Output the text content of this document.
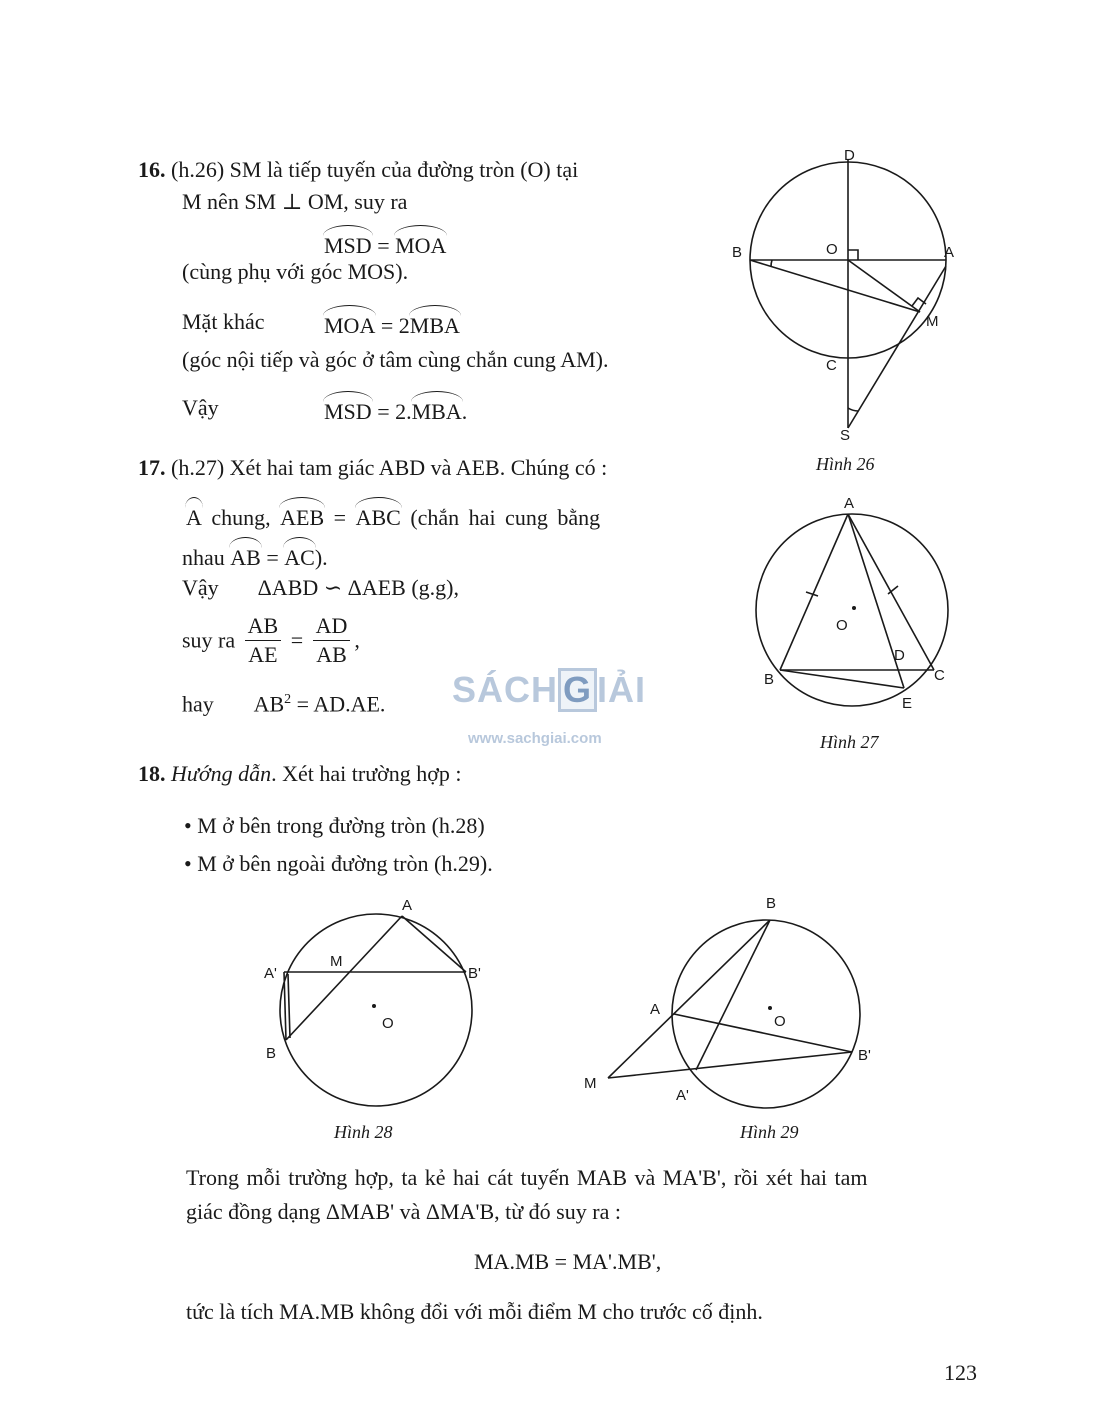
16. (h.26) SM là tiếp tuyến của đường tròn (O) tại
M nên SM ⊥ OM, suy ra
MSD = MOA
(cùng phụ với góc MOS).
Mặt khác	MOA = 2MBA
(góc nội tiếp và góc ở tâm cùng chắn cung AM).
Vậy	MSD = 2.MBA.
17. (h.27) Xét hai tam giác ABD và AEB. Chúng có :
A chung, AEB = ABC (chắn hai cung bằng
nhau AB = AC).
Vậy ΔABD ∽ ΔAEB (g.g),
suy ra $\frac{AB}{AE} = \frac{AD}{AB}$ ,
hay $AB^2 = AD.AE$. SÁCH G IẢI
www.sachgiai.com
18. Hướng dẫn. Xét hai trường hợp :
• M ở bên trong đường tròn (h.28)
• M ở bên ngoài đường tròn (h.29).
Trong mỗi trường hợp, ta kẻ hai cát tuyến MAB và MA'B', rồi xét hai tam
giác đồng dạng ΔMAB' và ΔMA'B, từ đó suy ra :
MA.MB = MA'.MB',
tức là tích MA.MB không đổi với mỗi điểm M cho trước cố định.
D
B	O	A
M
C
S
Hình 26
A
O
D
B	C
E
Hình 27
A
A'
M
B'
O
B
Hình 28
B
A
O
B'
M
A'
Hình 29
123
